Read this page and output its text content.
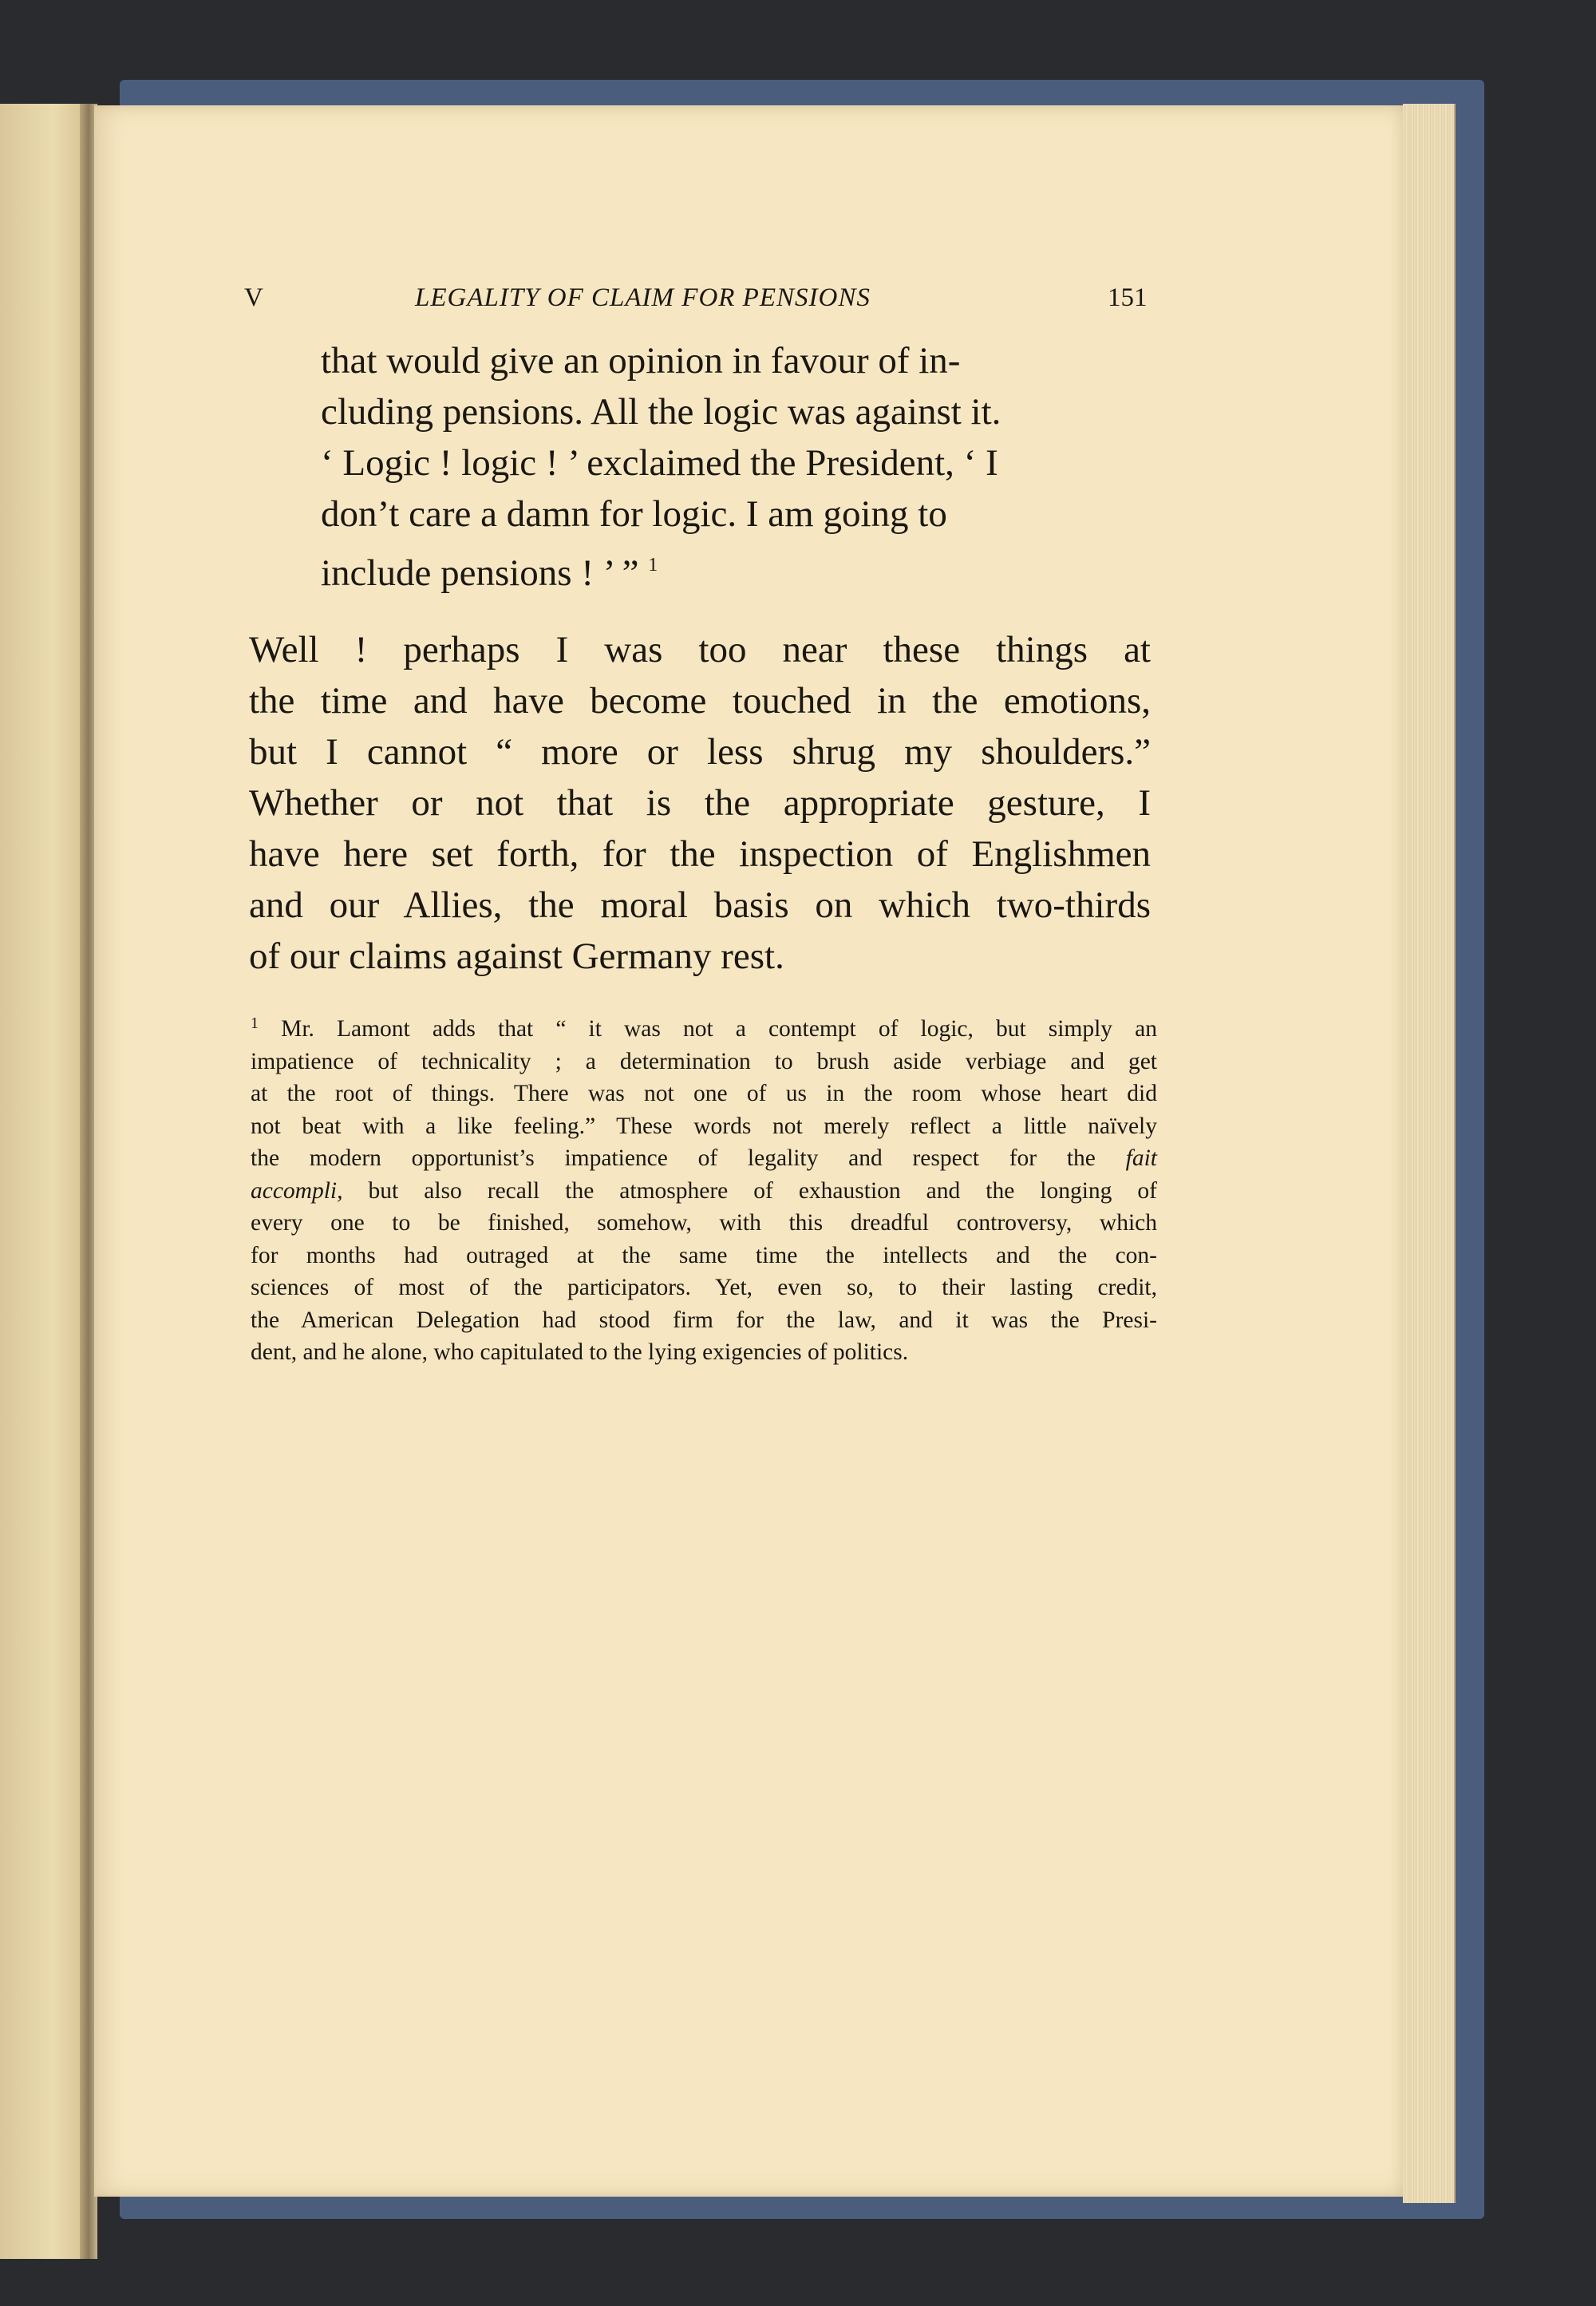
V	LEGALITY OF CLAIM FOR PENSIONS	151
that would give an opinion in favour of in-
cluding pensions. All the logic was against it.
‘ Logic ! logic ! ’ exclaimed the President, ‘ I
don’t care a damn for logic. I am going to
include pensions ! ’ ” $^1$
Well ! perhaps I was too near these things at
the time and have become touched in the emotions,
but I cannot “ more or less shrug my shoulders.”
Whether or not that is the appropriate gesture, I
have here set forth, for the inspection of Englishmen
and our Allies, the moral basis on which two-thirds
of our claims against Germany rest.
$^1$ Mr. Lamont adds that “ it was not a contempt of logic, but simply an
impatience of technicality ; a determination to brush aside verbiage and get
at the root of things. There was not one of us in the room whose heart did
not beat with a like feeling.” These words not merely reflect a little naïvely
the modern opportunist’s impatience of legality and respect for the fait
accompli, but also recall the atmosphere of exhaustion and the longing of
every one to be finished, somehow, with this dreadful controversy, which
for months had outraged at the same time the intellects and the con-
sciences of most of the participators. Yet, even so, to their lasting credit,
the American Delegation had stood firm for the law, and it was the Presi-
dent, and he alone, who capitulated to the lying exigencies of politics.
